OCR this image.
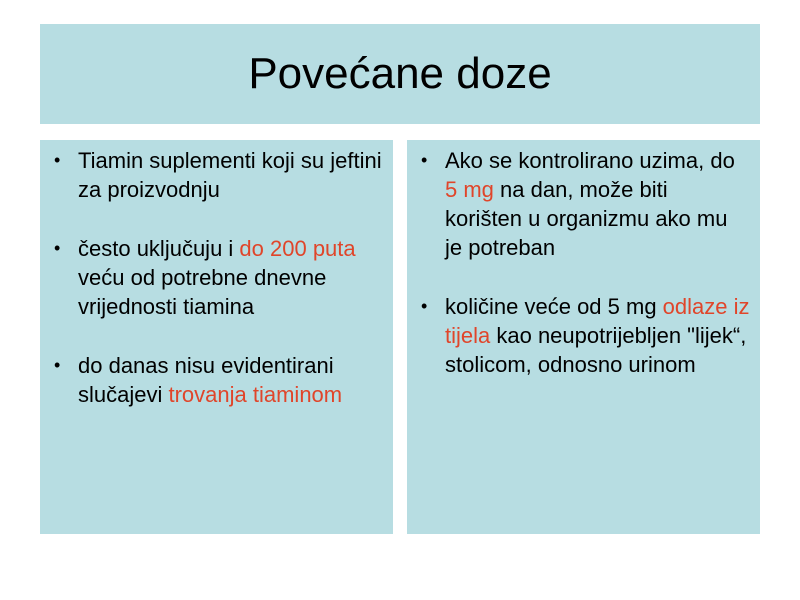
Povećane doze
• Tiamin suplementi koji su jeftini za proizvodnju
• često uključuju i do 200 puta veću od potrebne dnevne vrijednosti tiamina
• do danas nisu evidentirani slučajevi trovanja tiaminom
• Ako se kontrolirano uzima, do 5 mg na dan, može biti korišten u organizmu ako mu je potreban
• količine veće od 5 mg odlaze iz tijela kao neupotrijebljen "lijek“, stolicom, odnosno urinom
